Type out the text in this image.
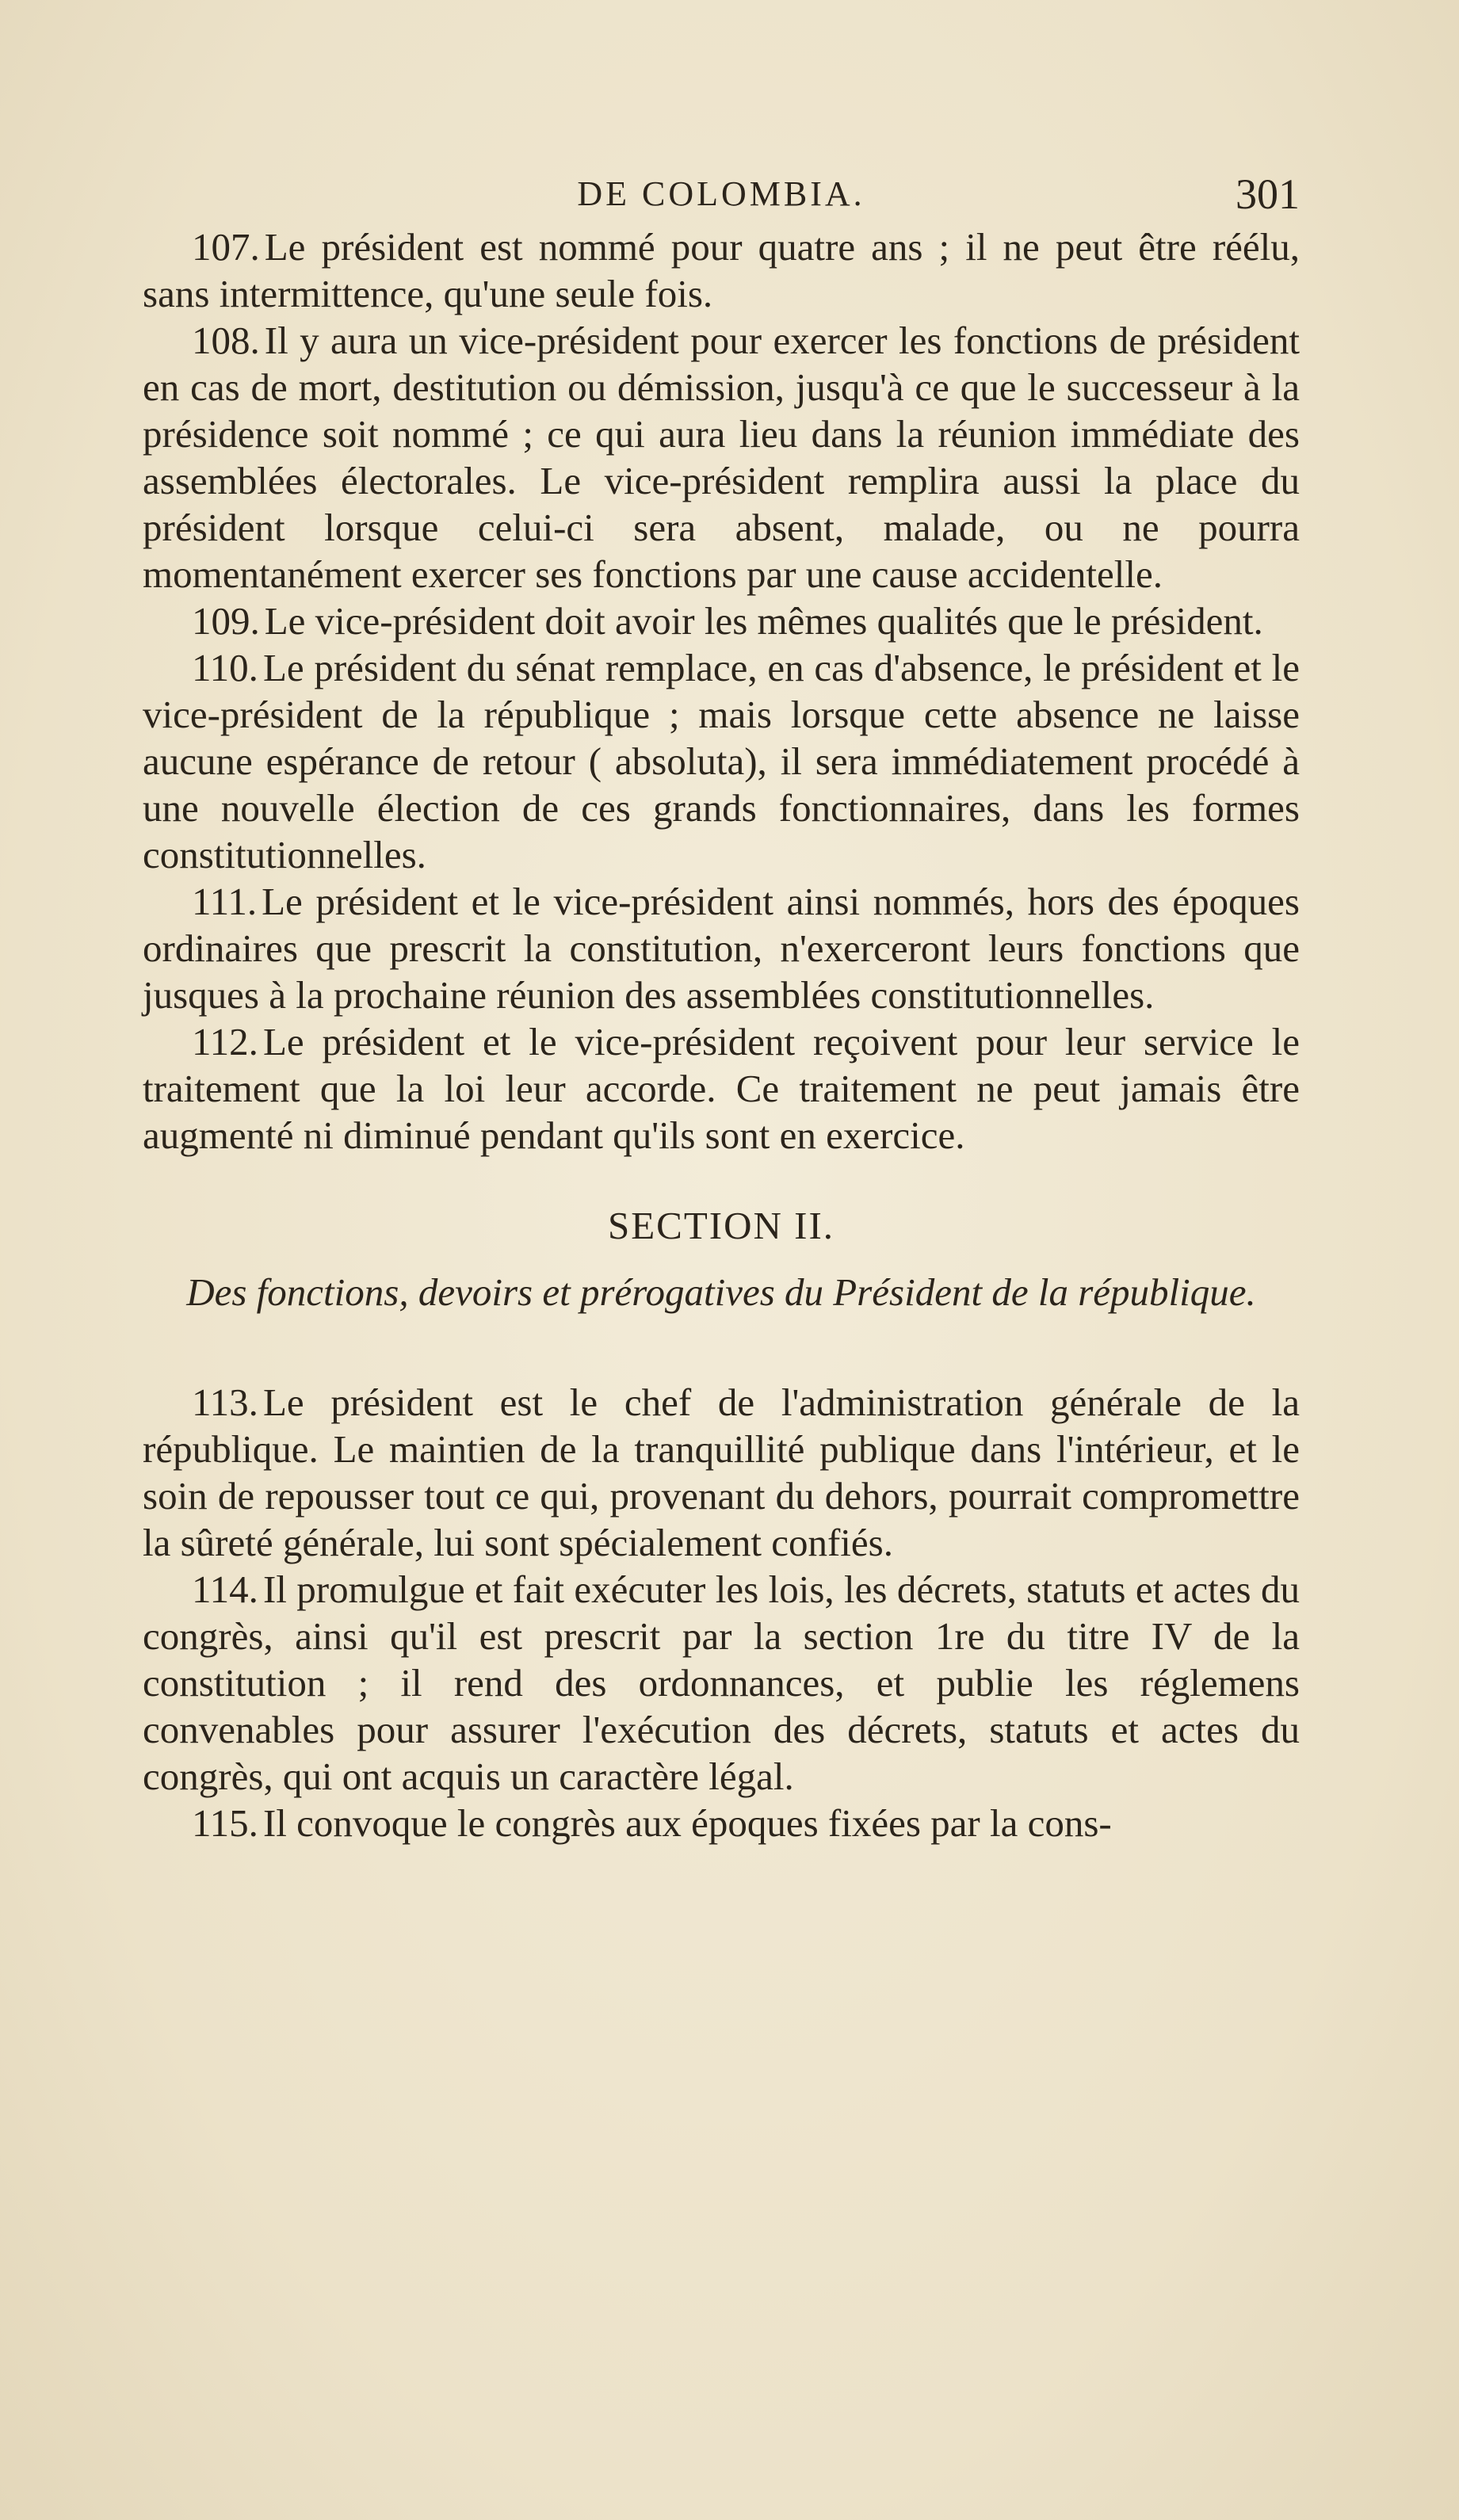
DE COLOMBIA.	301

107. Le président est nommé pour quatre ans ; il ne peut être réélu, sans intermittence, qu'une seule fois.

108. Il y aura un vice-président pour exercer les fonctions de président en cas de mort, destitution ou démission, jusqu'à ce que le successeur à la présidence soit nommé ; ce qui aura lieu dans la réunion immédiate des assemblées électorales. Le vice-président remplira aussi la place du président lorsque celui-ci sera absent, malade, ou ne pourra momentanément exercer ses fonctions par une cause accidentelle.

109. Le vice-président doit avoir les mêmes qualités que le président.

110. Le président du sénat remplace, en cas d'absence, le président et le vice-président de la république ; mais lorsque cette absence ne laisse aucune espérance de retour ( absoluta), il sera immédiatement procédé à une nouvelle élection de ces grands fonctionnaires, dans les formes constitutionnelles.

111. Le président et le vice-président ainsi nommés, hors des époques ordinaires que prescrit la constitution, n'exerceront leurs fonctions que jusques à la prochaine réunion des assemblées constitutionnelles.

112. Le président et le vice-président reçoivent pour leur service le traitement que la loi leur accorde. Ce traitement ne peut jamais être augmenté ni diminué pendant qu'ils sont en exercice.

SECTION II.
Des fonctions, devoirs et prérogatives du Président de la république.

113. Le président est le chef de l'administration générale de la république. Le maintien de la tranquillité publique dans l'intérieur, et le soin de repousser tout ce qui, provenant du dehors, pourrait compromettre la sûreté générale, lui sont spécialement confiés.

114. Il promulgue et fait exécuter les lois, les décrets, statuts et actes du congrès, ainsi qu'il est prescrit par la section 1re du titre IV de la constitution ; il rend des ordonnances, et publie les réglemens convenables pour assurer l'exécution des décrets, statuts et actes du congrès, qui ont acquis un caractère légal.

115. Il convoque le congrès aux époques fixées par la cons-
